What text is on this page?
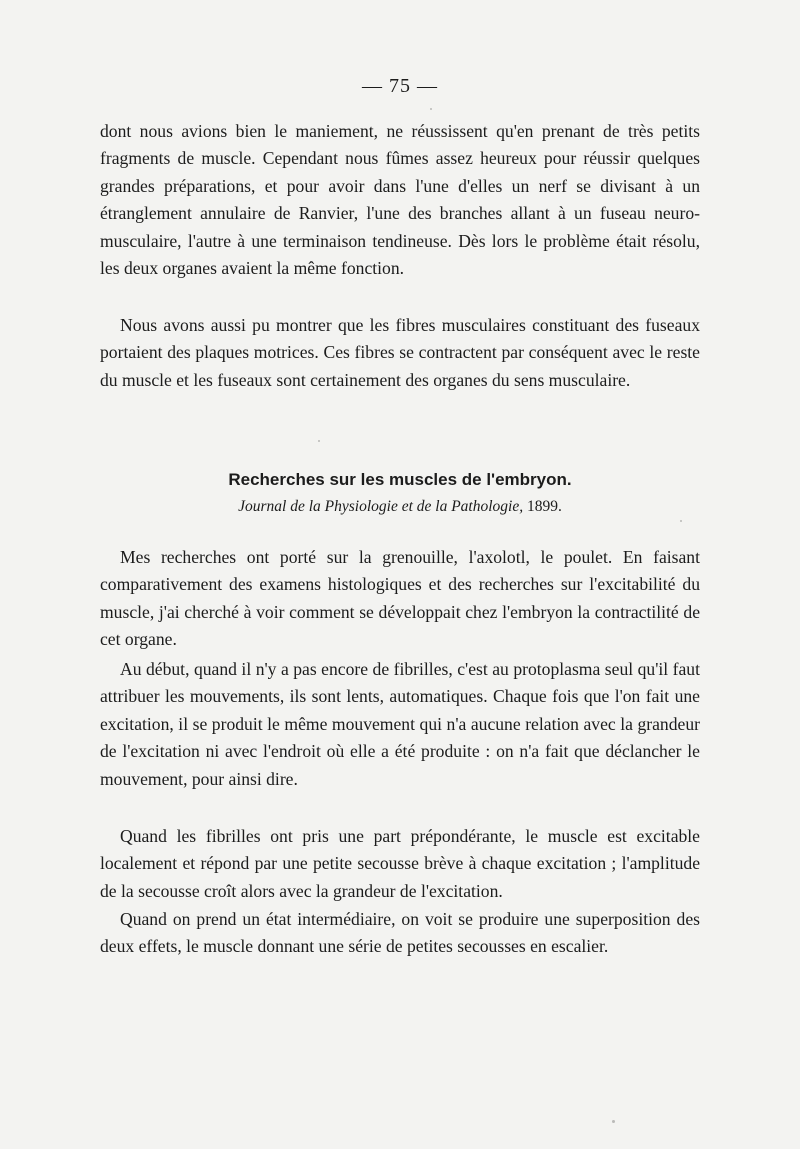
— 75 —

dont nous avions bien le maniement, ne réussissent qu'en prenant de très petits fragments de muscle. Cependant nous fûmes assez heureux pour réussir quelques grandes préparations, et pour avoir dans l'une d'elles un nerf se divisant à un étranglement annulaire de Ranvier, l'une des branches allant à un fuseau neuro-musculaire, l'autre à une terminaison tendineuse. Dès lors le problème était résolu, les deux organes avaient la même fonction.

Nous avons aussi pu montrer que les fibres musculaires constituant des fuseaux portaient des plaques motrices. Ces fibres se contractent par conséquent avec le reste du muscle et les fuseaux sont certainement des organes du sens musculaire.

Recherches sur les muscles de l'embryon.
Journal de la Physiologie et de la Pathologie, 1899.

Mes recherches ont porté sur la grenouille, l'axolotl, le poulet. En faisant comparativement des examens histologiques et des recherches sur l'excitabilité du muscle, j'ai cherché à voir comment se développait chez l'embryon la contractilité de cet organe.

Au début, quand il n'y a pas encore de fibrilles, c'est au protoplasma seul qu'il faut attribuer les mouvements, ils sont lents, automatiques. Chaque fois que l'on fait une excitation, il se produit le même mouvement qui n'a aucune relation avec la grandeur de l'excitation ni avec l'endroit où elle a été produite : on n'a fait que déclancher le mouvement, pour ainsi dire.

Quand les fibrilles ont pris une part prépondérante, le muscle est excitable localement et répond par une petite secousse brève à chaque excitation ; l'amplitude de la secousse croît alors avec la grandeur de l'excitation.

Quand on prend un état intermédiaire, on voit se produire une superposition des deux effets, le muscle donnant une série de petites secousses en escalier.
